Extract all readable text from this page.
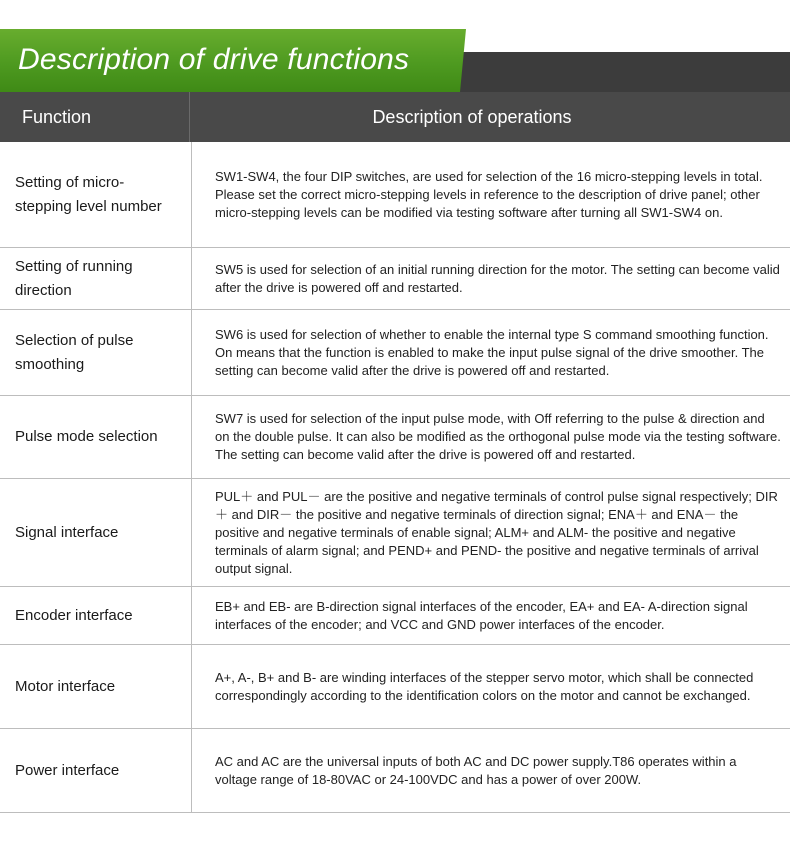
Description of drive functions
Function	Description of operations
Setting of micro-stepping level number
SW1-SW4, the four DIP switches, are used for selection of the 16 micro-stepping levels in total. Please set the correct micro-stepping levels in reference to the description of drive panel; other micro-stepping levels can be modified via testing software after turning all SW1-SW4 on.
Setting of running direction
SW5 is used for selection of an initial running direction for the motor. The setting can become valid after the drive is powered off and restarted.
Selection of pulse smoothing
SW6 is used for selection of whether to enable the internal type S command smoothing function. On means that the function is enabled to make the input pulse signal of the drive smoother. The setting can become valid after the drive is powered off and restarted.
Pulse mode selection
SW7 is used for selection of the input pulse mode, with Off referring to the pulse & direction and on the double pulse. It can also be modified as the orthogonal pulse mode via the testing software. The setting can become valid after the drive is powered off and restarted.
Signal interface
PUL＋ and PUL－ are the positive and negative terminals of control pulse signal respectively; DIR＋ and DIR－ the positive and negative terminals of direction signal; ENA＋ and ENA－ the positive and negative terminals of enable signal; ALM+ and ALM- the positive and negative terminals of alarm signal; and PEND+ and PEND- the positive and negative terminals of arrival output signal.
Encoder interface
EB+ and EB- are B-direction signal interfaces of the encoder, EA+ and EA- A-direction signal interfaces of the encoder; and VCC and GND power interfaces of the encoder.
Motor interface
A+, A-, B+ and B- are winding interfaces of the stepper servo motor, which shall be connected correspondingly according to the identification colors on the motor and cannot be exchanged.
Power interface
AC and AC are the universal inputs of both AC and DC power supply.T86 operates within a voltage range of 18-80VAC or 24-100VDC and has a power of over 200W.
